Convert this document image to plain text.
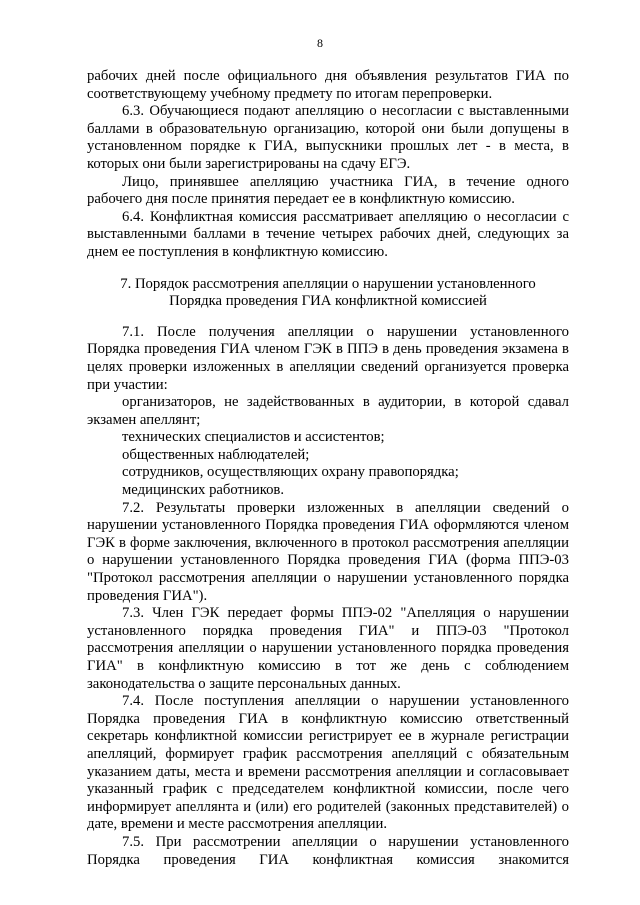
8

рабочих дней после официального дня объявления результатов ГИА по соответствующему учебному предмету по итогам перепроверки.

6.3. Обучающиеся подают апелляцию о несогласии с выставленными баллами в образовательную организацию, которой они были допущены в установленном порядке к ГИА, выпускники прошлых лет - в места, в которых они были зарегистрированы на сдачу ЕГЭ.

Лицо, принявшее апелляцию участника ГИА, в течение одного рабочего дня после принятия передает ее в конфликтную комиссию.

6.4. Конфликтная комиссия рассматривает апелляцию о несогласии с выставленными баллами в течение четырех рабочих дней, следующих за днем ее поступления в конфликтную комиссию.

7. Порядок рассмотрения апелляции о нарушении установленного
Порядка проведения ГИА конфликтной комиссией

7.1. После получения апелляции о нарушении установленного Порядка проведения ГИА членом ГЭК в ППЭ в день проведения экзамена в целях проверки изложенных в апелляции сведений организуется проверка при участии:

организаторов, не задействованных в аудитории, в которой сдавал экзамен апеллянт;

технических специалистов и ассистентов;

общественных наблюдателей;

сотрудников, осуществляющих охрану правопорядка;

медицинских работников.

7.2. Результаты проверки изложенных в апелляции сведений о нарушении установленного Порядка проведения ГИА оформляются членом ГЭК в форме заключения, включенного в протокол рассмотрения апелляции о нарушении установленного Порядка проведения ГИА (форма ППЭ-03 "Протокол рассмотрения апелляции о нарушении установленного порядка проведения ГИА").

7.3. Член ГЭК передает формы ППЭ-02 "Апелляция о нарушении установленного порядка проведения ГИА" и ППЭ-03 "Протокол рассмотрения апелляции о нарушении установленного порядка проведения ГИА" в конфликтную комиссию в тот же день с соблюдением законодательства о защите персональных данных.

7.4. После поступления апелляции о нарушении установленного Порядка проведения ГИА в конфликтную комиссию ответственный секретарь конфликтной комиссии регистрирует ее в журнале регистрации апелляций, формирует график рассмотрения апелляций с обязательным указанием даты, места и времени рассмотрения апелляции и согласовывает указанный график с председателем конфликтной комиссии, после чего информирует апеллянта и (или) его родителей (законных представителей) о дате, времени и месте рассмотрения апелляции.

7.5. При рассмотрении апелляции о нарушении установленного Порядка проведения ГИА конфликтная комиссия знакомится
